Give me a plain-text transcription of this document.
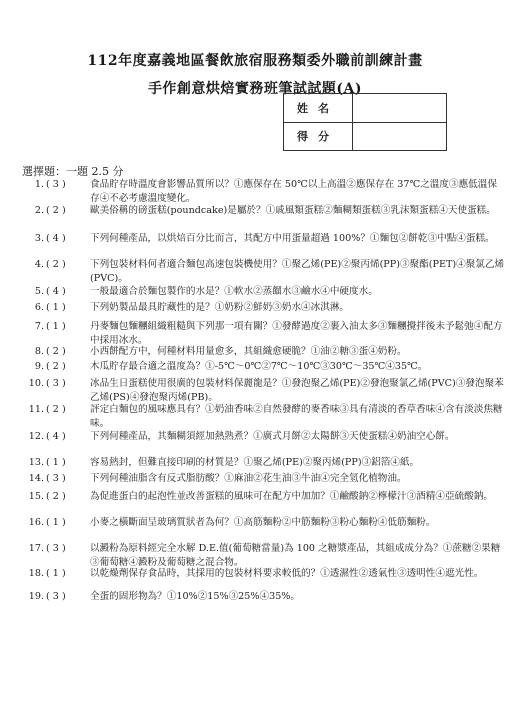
112年度嘉義地區餐飲旅宿服務類委外職前訓練計畫
手作創意烘焙實務班筆試試題(A)
姓名
得分
選擇題：一題 2.5 分
1. ( 3 )	食品貯存時溫度會影響品質所以？①應保存在 50℃以上高溫②應保存在 37℃之溫度③應低溫保存④不必考慮溫度變化。
2. ( 2 )	歐美俗稱的磅蛋糕(poundcake)是屬於？①戚風類蛋糕②麵糊類蛋糕③乳沫類蛋糕④天使蛋糕。
3. ( 4 )	下列何種產品，以烘焙百分比而言，其配方中用蛋量超過 100%？①麵包②餅乾③中點④蛋糕。
4. ( 2 )	下列包裝材料何者適合麵包高速包裝機使用？①聚乙烯(PE)②聚丙烯(PP)③聚酯(PET)④聚氯乙烯(PVC)。
5. ( 4 )	一般最適合於麵包製作的水是？①軟水②蒸餾水③鹼水④中硬度水。
6. ( 1 )	下列奶製品最具貯藏性的是？①奶粉②鮮奶③奶水④冰淇淋。
7. ( 1 )	丹麥麵包麵糰組織粗糙與下列那一項有關？①發酵過度②裹入油太多③麵糰攪拌後未予鬆弛④配方中採用冰水。
8. ( 2 )	小西餅配方中，何種材料用量愈多，其組織愈硬脆？①油②糖③蛋④奶粉。
9. ( 2 )	木瓜貯存最合適之溫度為？①-5℃～0℃②7℃～10℃③30℃～35℃④35℃。
10. ( 3 )	冰品生日蛋糕使用很廣的包裝材料保麗龍是？①發泡聚乙烯(PE)②發泡聚氯乙烯(PVC)③發泡聚苯乙烯(PS)④發泡聚丙烯(PB)。
11. ( 2 )	評定白麵包的風味應具有？①奶油香味②自然發酵的麥香味③具有清淡的香草香味④含有淡淡焦糖味。
12. ( 4 )	下列何種產品，其麵糊須經加熱熟煮？①廣式月餅②太陽餅③天使蛋糕④奶油空心餅。
13. ( 1 )	容易熱封，但難直接印刷的材質是？①聚乙烯(PE)②聚丙烯(PP)③鋁箔④紙。
14. ( 3 )	下列何種油脂含有反式脂肪酸？①麻油②花生油③牛油④完全氫化植物油。
15. ( 2 )	為促進蛋白的起泡性並改善蛋糕的風味可在配方中加加？①鹼酸鈉②檸檬汁③酒精④亞硫酸鈉。
16. ( 1 )	小麥之橫斷面呈玻璃質狀者為何？①高筋麵粉②中筋麵粉③粉心麵粉④低筋麵粉。
17. ( 3 )	以澱粉為原料經完全水解 D.E.值(葡萄糖當量)為 100 之糖漿產品，其組成成分為？①蔗糖②果糖③葡萄糖④澱粉及葡萄糖之混合物。
18. ( 1 )	以乾燥劑保存食品時，其採用的包裝材料要求較低的？①透濕性②透氣性③透明性④遮光性。
19. ( 3 )	全蛋的固形物為？①10%②15%③25%④35%。
